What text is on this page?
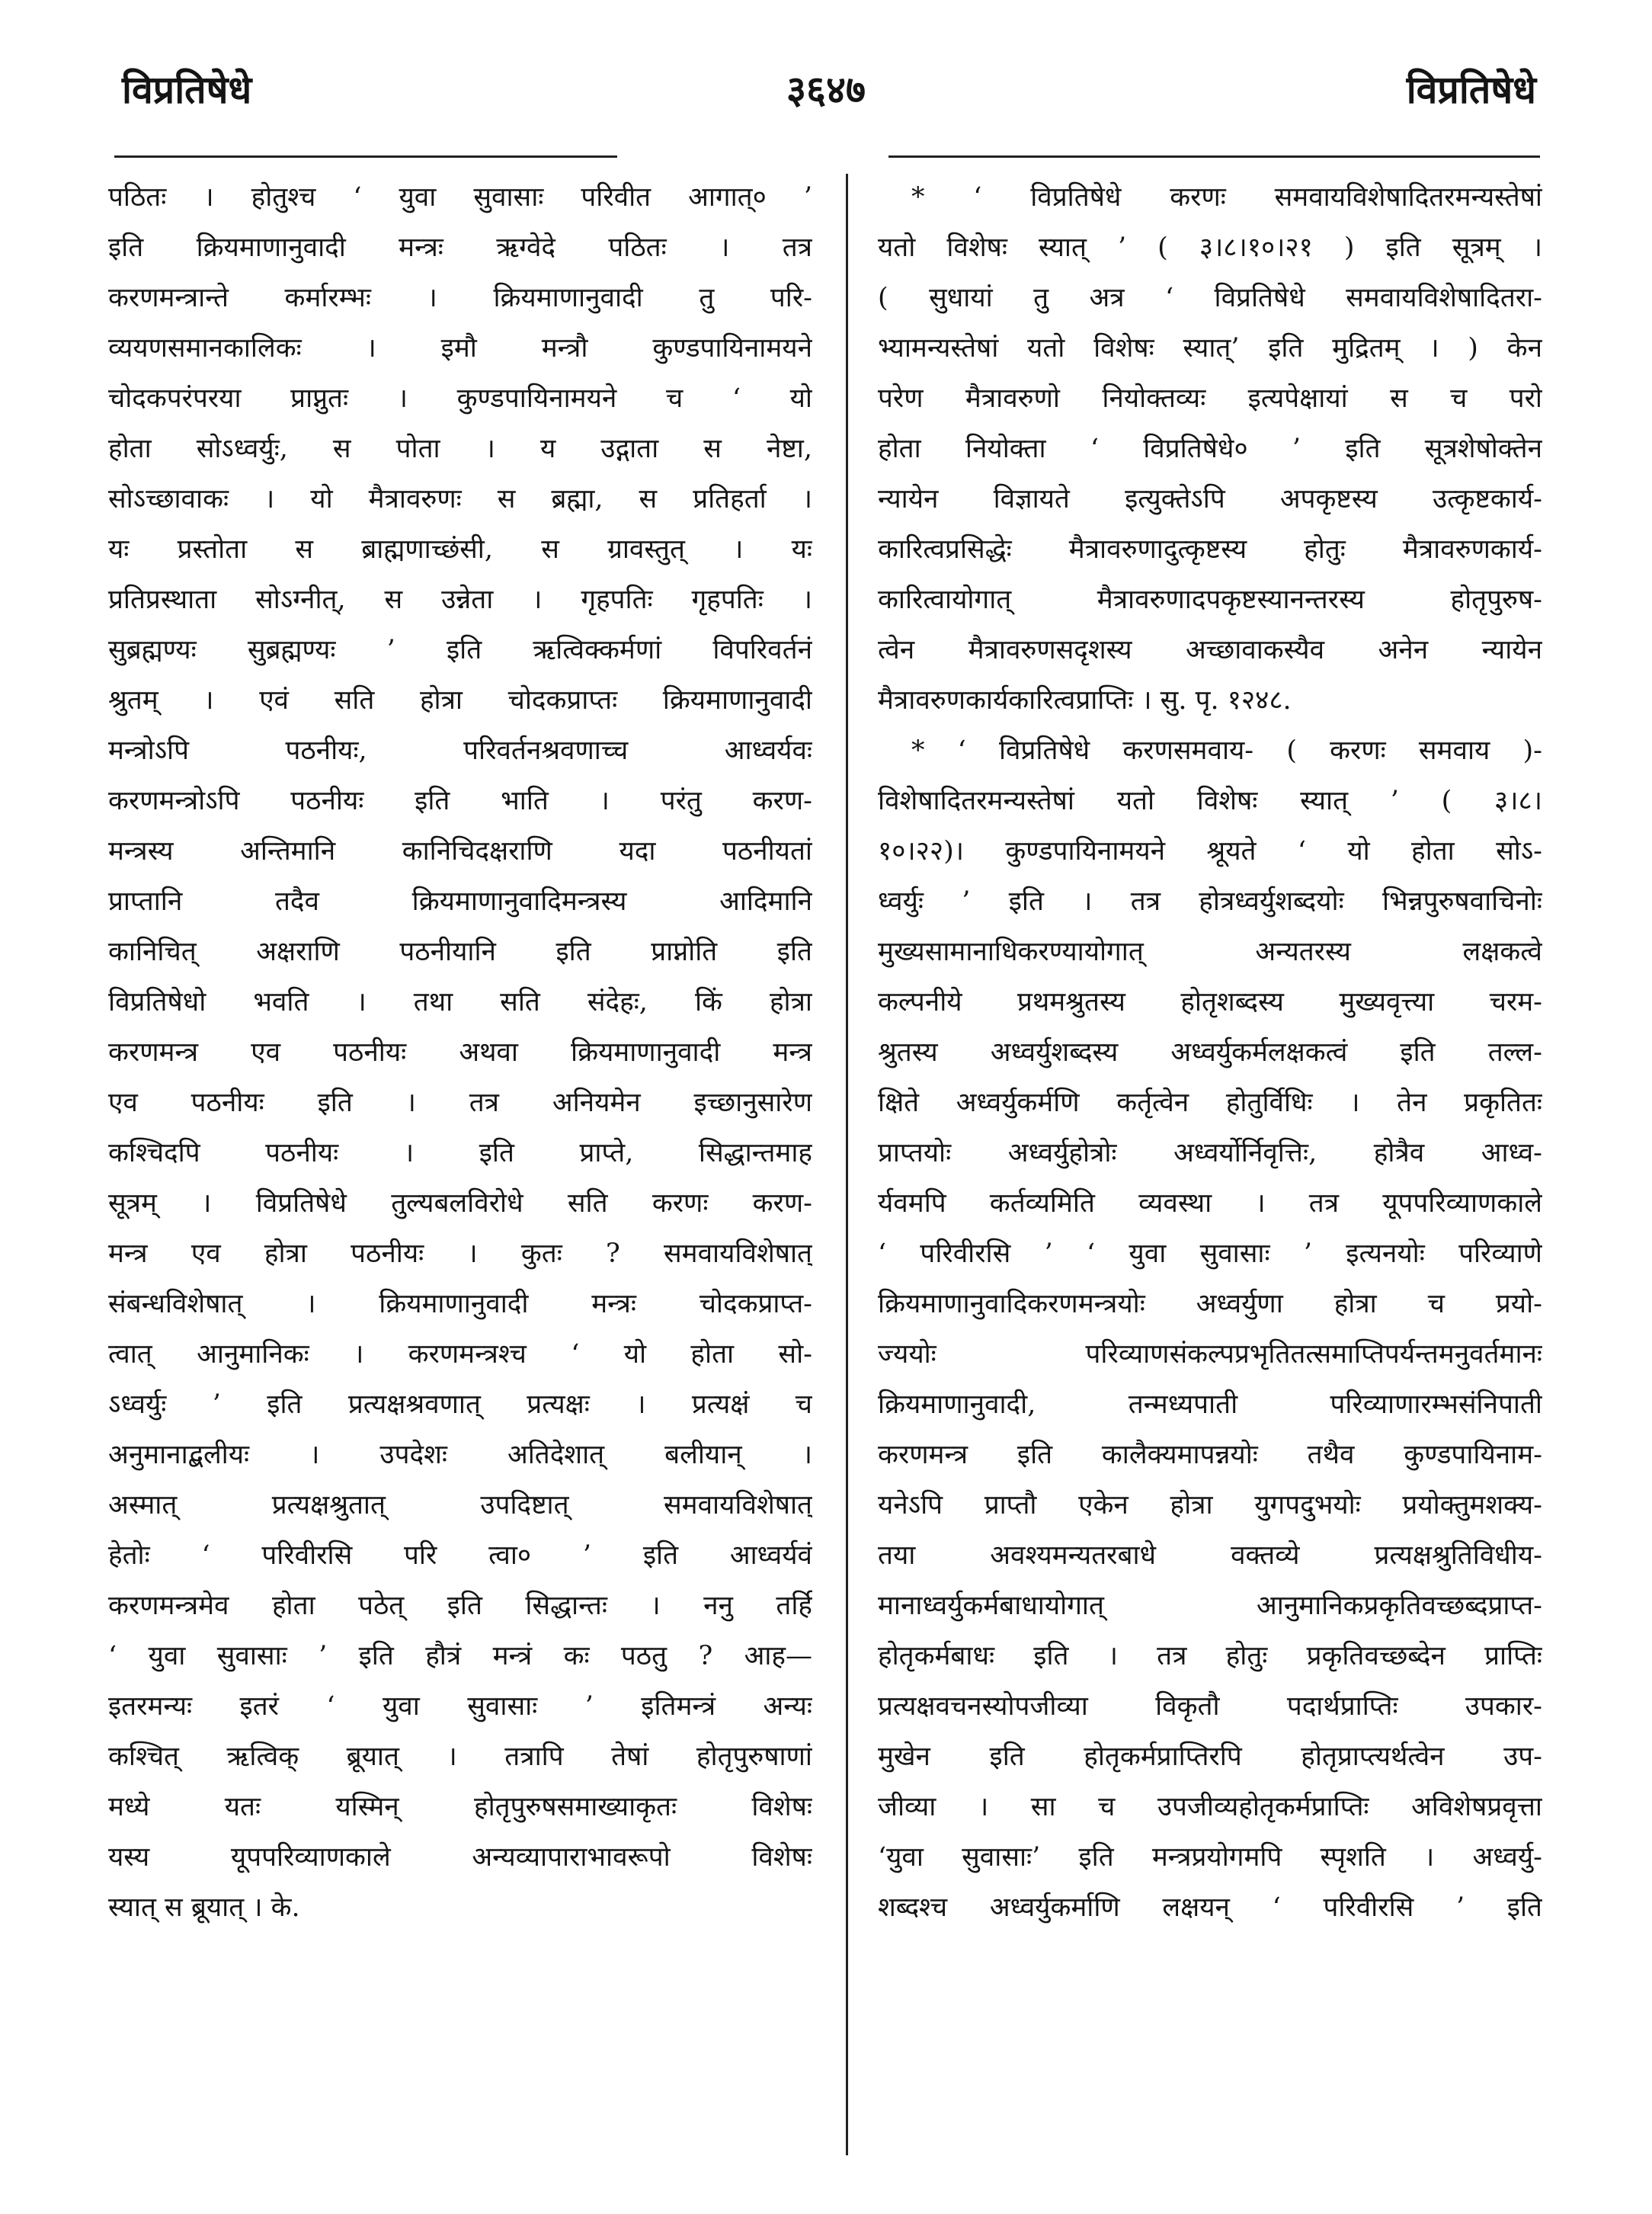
विप्रतिषेधे	३६४७	विप्रतिषेधे
पठितः । होतुश्च ‘ युवा सुवासाः परिवीत आगात्० ’
इति क्रियमाणानुवादी मन्त्रः ऋग्वेदे पठितः । तत्र
करणमन्त्रान्ते कर्मारम्भः । क्रियमाणानुवादी तु परि-
व्ययणसमानकालिकः । इमौ मन्त्रौ कुण्डपायिनामयने
चोदकपरंपरया प्राप्नुतः । कुण्डपायिनामयने च ‘ यो
होता सोऽध्वर्युः, स पोता । य उद्गाता स नेष्टा,
सोऽच्छावाकः । यो मैत्रावरुणः स ब्रह्मा, स प्रतिहर्ता ।
यः प्रस्तोता स ब्राह्मणाच्छंसी, स ग्रावस्तुत् । यः
प्रतिप्रस्थाता सोऽग्नीत्, स उन्नेता । गृहपतिः गृहपतिः ।
सुब्रह्मण्यः सुब्रह्मण्यः ’ इति ऋत्विक्कर्मणां विपरिवर्तनं
श्रुतम् । एवं सति होत्रा चोदकप्राप्तः क्रियमाणानुवादी
मन्त्रोऽपि पठनीयः, परिवर्तनश्रवणाच्च आध्वर्यवः
करणमन्त्रोऽपि पठनीयः इति भाति । परंतु करण-
मन्त्रस्य अन्तिमानि कानिचिदक्षराणि यदा पठनीयतां
प्राप्तानि तदैव क्रियमाणानुवादिमन्त्रस्य आदिमानि
कानिचित् अक्षराणि पठनीयानि इति प्राप्नोति इति
विप्रतिषेधो भवति । तथा सति संदेहः, किं होत्रा
करणमन्त्र एव पठनीयः अथवा क्रियमाणानुवादी मन्त्र
एव पठनीयः इति । तत्र अनियमेन इच्छानुसारेण
कश्चिदपि पठनीयः । इति प्राप्ते, सिद्धान्तमाह
सूत्रम् । विप्रतिषेधे तुल्यबलविरोधे सति करणः करण-
मन्त्र एव होत्रा पठनीयः । कुतः ? समवायविशेषात्
संबन्धविशेषात् । क्रियमाणानुवादी मन्त्रः चोदकप्राप्त-
त्वात् आनुमानिकः । करणमन्त्रश्च ‘ यो होता सो-
ऽध्वर्युः ’ इति प्रत्यक्षश्रवणात् प्रत्यक्षः । प्रत्यक्षं च
अनुमानाद्बलीयः । उपदेशः अतिदेशात् बलीयान् ।
अस्मात् प्रत्यक्षश्रुतात् उपदिष्टात् समवायविशेषात्
हेतोः ‘ परिवीरसि परि त्वा० ’ इति आध्वर्यवं
करणमन्त्रमेव होता पठेत् इति सिद्धान्तः । ननु तर्हि
‘ युवा सुवासाः ’ इति हौत्रं मन्त्रं कः पठतु ? आह—
इतरमन्यः इतरं ‘ युवा सुवासाः ’ इतिमन्त्रं अन्यः
कश्चित् ऋत्विक् ब्रूयात् । तत्रापि तेषां होतृपुरुषाणां
मध्ये यतः यस्मिन् होतृपुरुषसमाख्याकृतः विशेषः
यस्य यूपपरिव्याणकाले अन्यव्यापाराभावरूपो विशेषः
स्यात् स ब्रूयात् । के.
* ‘ विप्रतिषेधे करणः समवायविशेषादितरमन्यस्तेषां
यतो विशेषः स्यात् ’ ( ३।८।१०।२१ ) इति सूत्रम् ।
( सुधायां तु अत्र ‘ विप्रतिषेधे समवायविशेषादितरा-
भ्यामन्यस्तेषां यतो विशेषः स्यात्’ इति मुद्रितम् । ) केन
परेण मैत्रावरुणो नियोक्तव्यः इत्यपेक्षायां स च परो
होता नियोक्ता ‘ विप्रतिषेधे० ’ इति सूत्रशेषोक्तेन
न्यायेन विज्ञायते इत्युक्तेऽपि अपकृष्टस्य उत्कृष्टकार्य-
कारित्वप्रसिद्धेः मैत्रावरुणादुत्कृष्टस्य होतुः मैत्रावरुणकार्य-
कारित्वायोगात् मैत्रावरुणादपकृष्टस्यानन्तरस्य होतृपुरुष-
त्वेन मैत्रावरुणसदृशस्य अच्छावाकस्यैव अनेन न्यायेन
मैत्रावरुणकार्यकारित्वप्राप्तिः । सु. पृ. १२४८.
* ‘ विप्रतिषेधे करणसमवाय- ( करणः समवाय )-
विशेषादितरमन्यस्तेषां यतो विशेषः स्यात् ’ ( ३।८।
१०।२२)। कुण्डपायिनामयने श्रूयते ‘ यो होता सोऽ-
ध्वर्युः ’ इति । तत्र होत्रध्वर्युशब्दयोः भिन्नपुरुषवाचिनोः
मुख्यसामानाधिकरण्यायोगात् अन्यतरस्य लक्षकत्वे
कल्पनीये प्रथमश्रुतस्य होतृशब्दस्य मुख्यवृत्त्या चरम-
श्रुतस्य अध्वर्युशब्दस्य अध्वर्युकर्मलक्षकत्वं इति तल्ल-
क्षिते अध्वर्युकर्मणि कर्तृत्वेन होतुर्विधिः । तेन प्रकृतितः
प्राप्तयोः अध्वर्युहोत्रोः अध्वर्योर्निवृत्तिः, होत्रैव आध्व-
र्यवमपि कर्तव्यमिति व्यवस्था । तत्र यूपपरिव्याणकाले
‘ परिवीरसि ’ ‘ युवा सुवासाः ’ इत्यनयोः परिव्याणे
क्रियमाणानुवादिकरणमन्त्रयोः अध्वर्युणा होत्रा च प्रयो-
ज्ययोः परिव्याणसंकल्पप्रभृतितत्समाप्तिपर्यन्तमनुवर्तमानः
क्रियमाणानुवादी, तन्मध्यपाती परिव्याणारम्भसंनिपाती
करणमन्त्र इति कालैक्यमापन्नयोः तथैव कुण्डपायिनाम-
यनेऽपि प्राप्तौ एकेन होत्रा युगपदुभयोः प्रयोक्तुमशक्य-
तया अवश्यमन्यतरबाधे वक्तव्ये प्रत्यक्षश्रुतिविधीय-
मानाध्वर्युकर्मबाधायोगात् आनुमानिकप्रकृतिवच्छब्दप्राप्त-
होतृकर्मबाधः इति । तत्र होतुः प्रकृतिवच्छब्देन प्राप्तिः
प्रत्यक्षवचनस्योपजीव्या विकृतौ पदार्थप्राप्तिः उपकार-
मुखेन इति होतृकर्मप्राप्तिरपि होतृप्राप्त्यर्थत्वेन उप-
जीव्या । सा च उपजीव्यहोतृकर्मप्राप्तिः अविशेषप्रवृत्ता
‘युवा सुवासाः’ इति मन्त्रप्रयोगमपि स्पृशति । अध्वर्यु-
शब्दश्च अध्वर्युकर्माणि लक्षयन् ‘ परिवीरसि ’ इति
